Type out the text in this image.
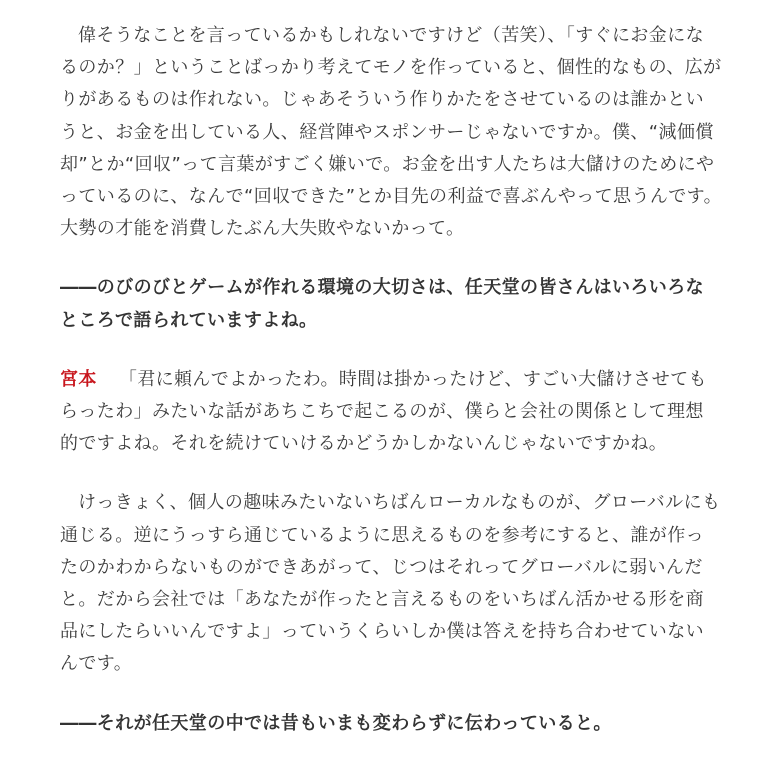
偉そうなことを言っているかもしれないですけど（苦笑）、「すぐにお金になるのか？」ということばっかり考えてモノを作っていると、個性的なもの、広がりがあるものは作れない。じゃあそういう作りかたをさせているのは誰かというと、お金を出している人、経営陣やスポンサーじゃないですか。僕、“減価償却”とか“回収”って言葉がすごく嫌いで。お金を出す人たちは大儲けのためにやっているのに、なんで“回収できた”とか目先の利益で喜ぶんやって思うんです。大勢の才能を消費したぶん大失敗やないかって。

――のびのびとゲームが作れる環境の大切さは、任天堂の皆さんはいろいろなところで語られていますよね。

宮本 「君に頼んでよかったわ。時間は掛かったけど、すごい大儲けさせてもらったわ」みたいな話があちこちで起こるのが、僕らと会社の関係として理想的ですよね。それを続けていけるかどうかしかないんじゃないですかね。

けっきょく、個人の趣味みたいないちばんローカルなものが、グローバルにも通じる。逆にうっすら通じているように思えるものを参考にすると、誰が作ったのかわからないものができあがって、じつはそれってグローバルに弱いんだと。だから会社では「あなたが作ったと言えるものをいちばん活かせる形を商品にしたらいいんですよ」っていうくらいしか僕は答えを持ち合わせていないんです。

――それが任天堂の中では昔もいまも変わらずに伝わっていると。
